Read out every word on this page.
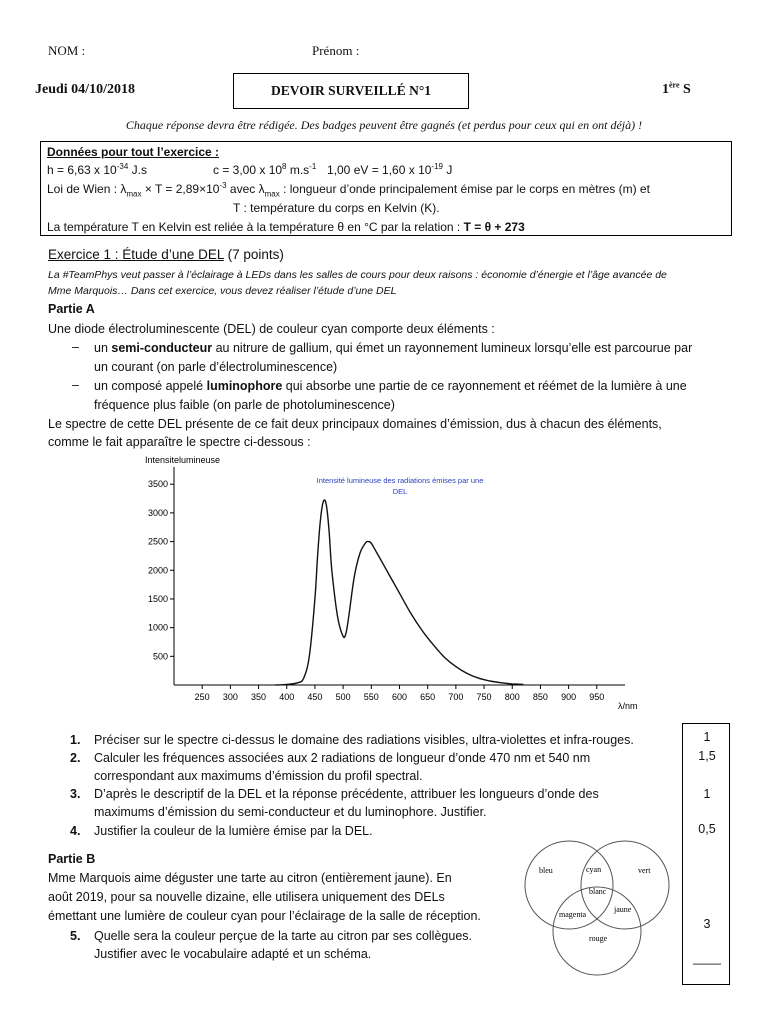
NOM :	Prénom :
Jeudi 04/10/2018	DEVOIR SURVEILLÉ N°1	1ère S
Chaque réponse devra être rédigée. Des badges peuvent être gagnés (et perdus pour ceux qui en ont déjà) !
Données pour tout l’exercice :
h = 6,63 x $10^{-34}$ J.s	c = 3,00 x $10^8$ $m.s^{-1}$ 1,00 eV = 1,60 x $10^{-19}$ J
Loi de Wien : $\lambda_{max} \times T = 2,89\times 10^{-3}$ avec $\lambda_{max}$ : longueur d’onde principalement émise par le corps en mètres (m) et
T : température du corps en Kelvin (K).
La température T en Kelvin est reliée à la température θ en °C par la relation : T = θ + 273
Exercice 1 : Étude d’une DEL (7 points)
La #TeamPhys veut passer à l’éclairage à LEDs dans les salles de cours pour deux raisons : économie d’énergie et l’âge avancée de
Mme Marquois… Dans cet exercice, vous devez réaliser l’étude d’une DEL
Partie A
Une diode électroluminescente (DEL) de couleur cyan comporte deux éléments :
– un semi-conducteur au nitrure de gallium, qui émet un rayonnement lumineux lorsqu’elle est parcourue par
un courant (on parle d’électroluminescence)
– un composé appelé luminophore qui absorbe une partie de ce rayonnement et réémet de la lumière à une
fréquence plus faible (on parle de photoluminescence)
Le spectre de cette DEL présente de ce fait deux principaux domaines d’émission, dus à chacun des éléments,
comme le fait apparaître le spectre ci-dessous :
Intensitelumineuse
Intensité lumineuse des radiations émises par une
DEL
λ/nm
500
1000
1500
2000
2500
3000
3500
250 300 350 400 450 500 550 600 650 700 750 800 850 900 950
1. Préciser sur le spectre ci-dessus le domaine des radiations visibles, ultra-violettes et infra-rouges.
2. Calculer les fréquences associées aux 2 radiations de longueur d’onde 470 nm et 540 nm
correspondant aux maximums d’émission du profil spectral.
3. D’après le descriptif de la DEL et la réponse précédente, attribuer les longueurs d’onde des
maximums d’émission du semi-conducteur et du luminophore. Justifier.
4. Justifier la couleur de la lumière émise par la DEL.
Partie B
Mme Marquois aime déguster une tarte au citron (entièrement jaune). En
août 2019, pour sa nouvelle dizaine, elle utilisera uniquement des DELs
émettant une lumière de couleur cyan pour l’éclairage de la salle de réception.
5. Quelle sera la couleur perçue de la tarte au citron par ses collègues.
Justifier avec le vocabulaire adapté et un schéma.
bleu	cyan	vert
blanc
magenta
jaune
rouge
1
1,5
1
0,5
3
____
